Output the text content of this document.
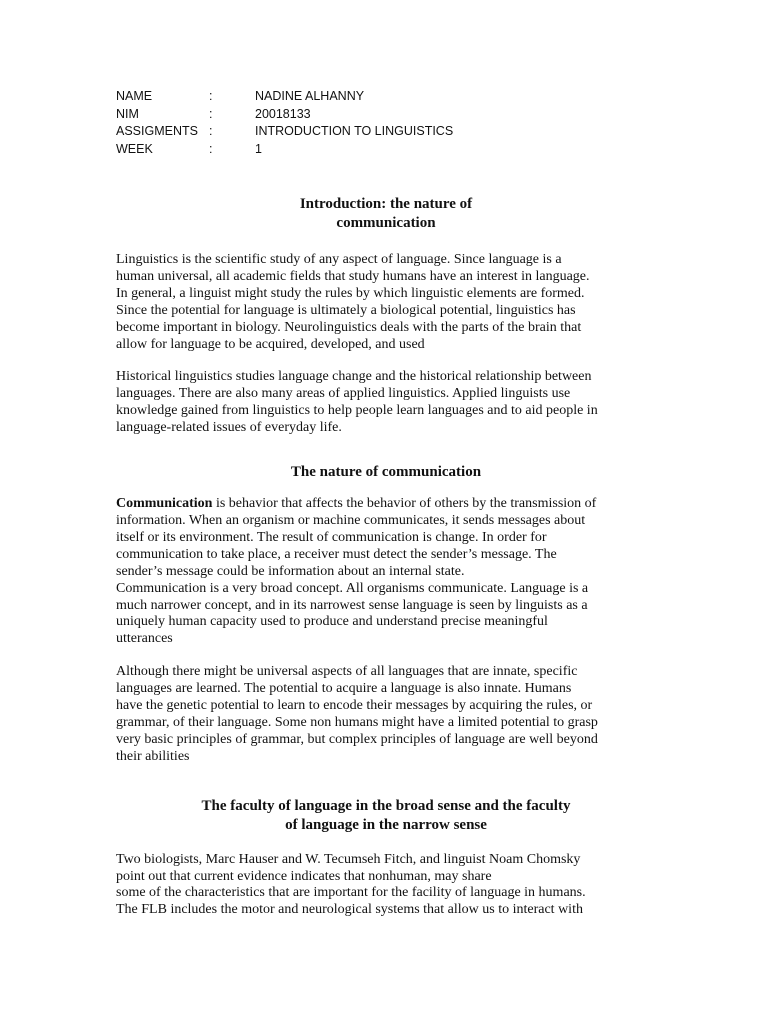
NAME	:	NADINE ALHANNY
NIM	:	20018133
ASSIGMENTS :	INTRODUCTION TO LINGUISTICS
WEEK	:	1
Introduction: the nature of
communication

Linguistics is the scientific study of any aspect of language. Since language is a
human universal, all academic fields that study humans have an interest in language.
In general, a linguist might study the rules by which linguistic elements are formed.
Since the potential for language is ultimately a biological potential, linguistics has
become important in biology. Neurolinguistics deals with the parts of the brain that
allow for language to be acquired, developed, and used

Historical linguistics studies language change and the historical relationship between
languages. There are also many areas of applied linguistics. Applied linguists use
knowledge gained from linguistics to help people learn languages and to aid people in
language-related issues of everyday life.

The nature of communication

Communication is behavior that affects the behavior of others by the transmission of
information. When an organism or machine communicates, it sends messages about
itself or its environment. The result of communication is change. In order for
communication to take place, a receiver must detect the sender’s message. The
sender’s message could be information about an internal state.
Communication is a very broad concept. All organisms communicate. Language is a
much narrower concept, and in its narrowest sense language is seen by linguists as a
uniquely human capacity used to produce and understand precise meaningful
utterances

Although there might be universal aspects of all languages that are innate, specific
languages are learned. The potential to acquire a language is also innate. Humans
have the genetic potential to learn to encode their messages by acquiring the rules, or
grammar, of their language. Some non humans might have a limited potential to grasp
very basic principles of grammar, but complex principles of language are well beyond
their abilities

The faculty of language in the broad sense and the faculty
of language in the narrow sense

Two biologists, Marc Hauser and W. Tecumseh Fitch, and linguist Noam Chomsky
point out that current evidence indicates that nonhuman, may share
some of the characteristics that are important for the facility of language in humans.
The FLB includes the motor and neurological systems that allow us to interact with
